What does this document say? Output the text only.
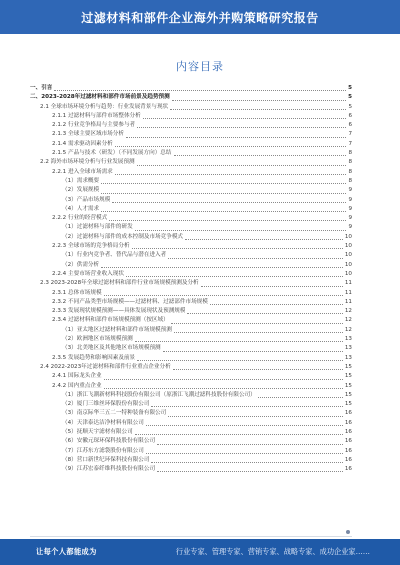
过滤材料和部件企业海外并购策略研究报告
内容目录
一、引言	5
二、2023-2028年过滤材料和部件市场前景及趋势预测	5
2.1 全球市场环境分析与趋势：行业发展背景与现状	5
2.1.1 过滤材料与部件市场整体分析	6
2.1.2 行业竞争格局与主要参与者	6
2.1.3 全球主要区域市场分析	7
2.1.4 需求驱动因素分析	7
2.1.5 产品与技术（研发）（不同发展方向）总结	8
2.2 海外市场环境分析与行业发展预测	8
2.2.1 进入全球市场需求	8
（1）需求概要	8
（2）发展规模	9
（3）产品市场规模	9
（4）人才需求	9
2.2.2 行业的经营模式	9
（1）过滤材料与部件的研发	9
（2）过滤材料与部件的成本控制及市场竞争模式	10
2.2.3 全球市场的竞争格局分析	10
（1）行业内竞争者、替代品与潜在进入者	10
（2）供需分析	10
2.2.4 主要市场营业收入现状	10
2.3 2023-2028年全球过滤材料和部件行业市场规模预测及分析	11
2.3.1 总体市场规模	11
2.3.2 不同产品类型市场规模——过滤材料、过滤部件市场规模	11
2.3.3 发展现状规模预测——具体发展现状及预测规模	12
2.3.4 过滤材料和部件市场规模预测（按区域）	12
（1）亚太地区过滤材料和部件市场规模预测	12
（2）欧洲地区市场规模预测	13
（3）北美地区及其他地区市场规模预测	13
2.3.5 发展趋势和影响因素及前景	13
2.4 2022-2023年过滤材料和部件行业重点企业分析	15
2.4.1 国际龙头企业	15
2.4.2 国内重点企业	15
（1）浙江飞潮新材料科技股份有限公司（原浙江飞潮过滤科技股份有限公司）	15
（2）厦门三维丝环保股份有限公司	15
（3）南京际华三五二一特种装备有限公司	16
（4）天津泰达洁净材料有限公司	16
（5）抚顺天宇滤材有限公司	16
（6）安徽元琛环保科技股份有限公司	16
（7）江苏东方滤袋股份有限公司	16
（8）营口新世纪环保科技有限公司	16
（9）江苏宏泰纤维科技股份有限公司	16
让每个人都能成为	行业专家、管理专家、营销专家、战略专家、成功企业家……
